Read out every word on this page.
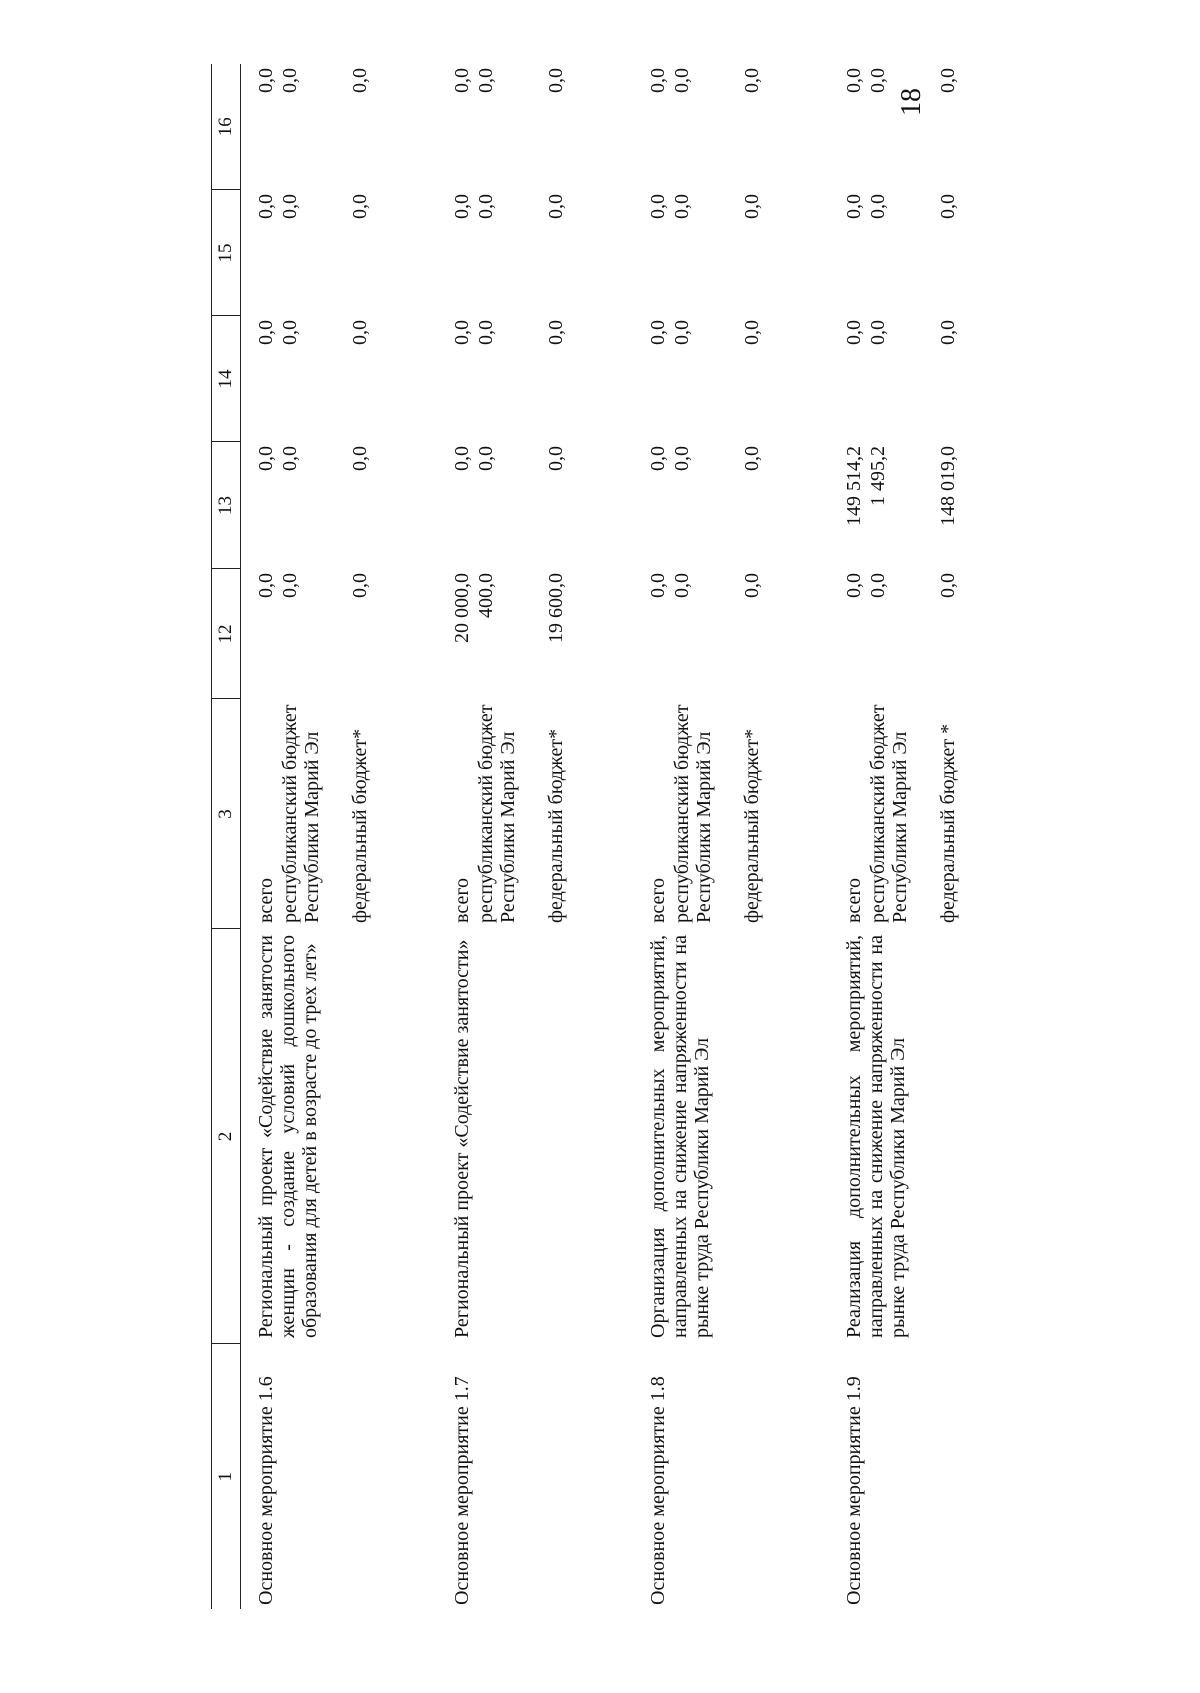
18
1	2	3	12	13	14	15	16
Основное мероприятие 1.6	Региональный проект «Содействие занятости женщин - создание условий дошкольного образования для детей в возрасте до трех лет»	всего	0,0	0,0	0,0	0,0	0,0
		республиканский бюджет Республики Марий Эл	0,0	0,0	0,0	0,0	0,0
		федеральный бюджет*	0,0	0,0	0,0	0,0	0,0
Основное мероприятие 1.7	Региональный проект «Содействие занятости»	всего	20 000,0	0,0	0,0	0,0	0,0
		республиканский бюджет Республики Марий Эл	400,0	0,0	0,0	0,0	0,0
		федеральный бюджет*	19 600,0	0,0	0,0	0,0	0,0
Основное мероприятие 1.8	Организация дополнительных мероприятий, направленных на снижение напряженности на рынке труда Республики Марий Эл	всего	0,0	0,0	0,0	0,0	0,0
		республиканский бюджет Республики Марий Эл	0,0	0,0	0,0	0,0	0,0
		федеральный бюджет*	0,0	0,0	0,0	0,0	0,0
Основное мероприятие 1.9	Реализация дополнительных мероприятий, направленных на снижение напряженности на рынке труда Республики Марий Эл	всего	0,0	149 514,2	0,0	0,0	0,0
		республиканский бюджет Республики Марий Эл	0,0	1 495,2	0,0	0,0	0,0
		федеральный бюджет *	0,0	148 019,0	0,0	0,0	0,0
